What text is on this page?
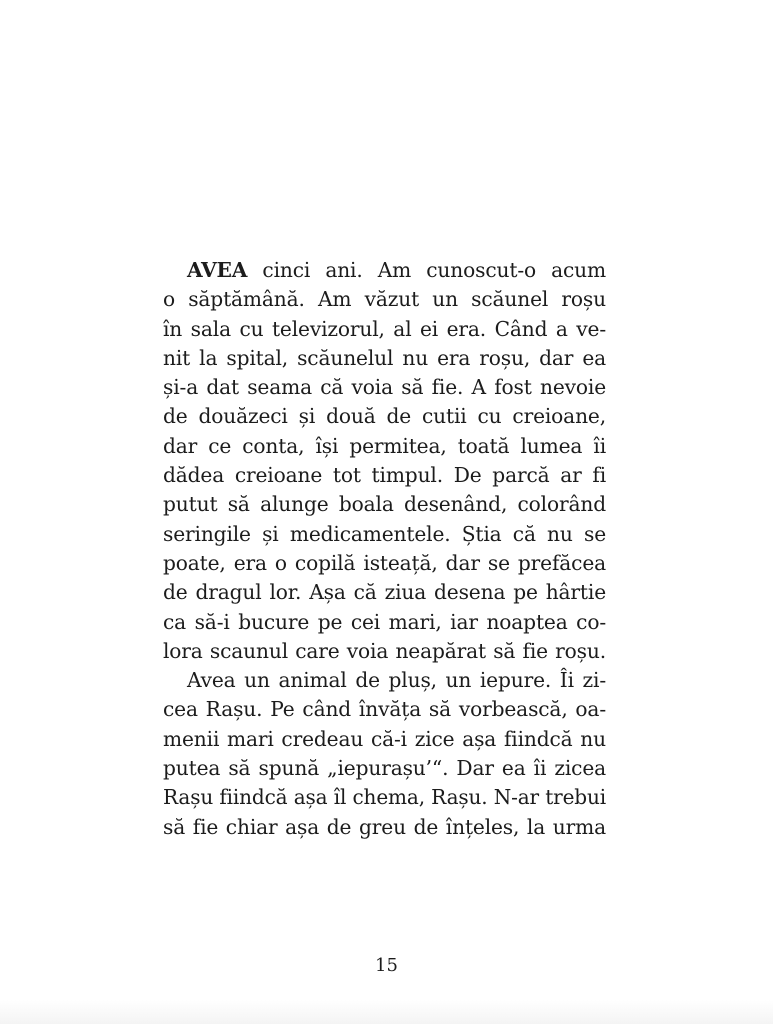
AVEA cinci ani. Am cunoscut-o acum
o săptămână. Am văzut un scăunel roșu
în sala cu televizorul, al ei era. Când a ve-
nit la spital, scăunelul nu era roșu, dar ea
și-a dat seama că voia să fie. A fost nevoie
de douăzeci și două de cutii cu creioane,
dar ce conta, își permitea, toată lumea îi
dădea creioane tot timpul. De parcă ar fi
putut să alunge boala desenând, colorând
seringile și medicamentele. Știa că nu se
poate, era o copilă isteață, dar se prefăcea
de dragul lor. Așa că ziua desena pe hârtie
ca să-i bucure pe cei mari, iar noaptea co-
lora scaunul care voia neapărat să fie roșu.
Avea un animal de pluș, un iepure. Îi zi-
cea Rașu. Pe când învăța să vorbească, oa-
menii mari credeau că-i zice așa fiindcă nu
putea să spună „iepurașu’“. Dar ea îi zicea
Rașu fiindcă așa îl chema, Rașu. N-ar trebui
să fie chiar așa de greu de înțeles, la urma
15
